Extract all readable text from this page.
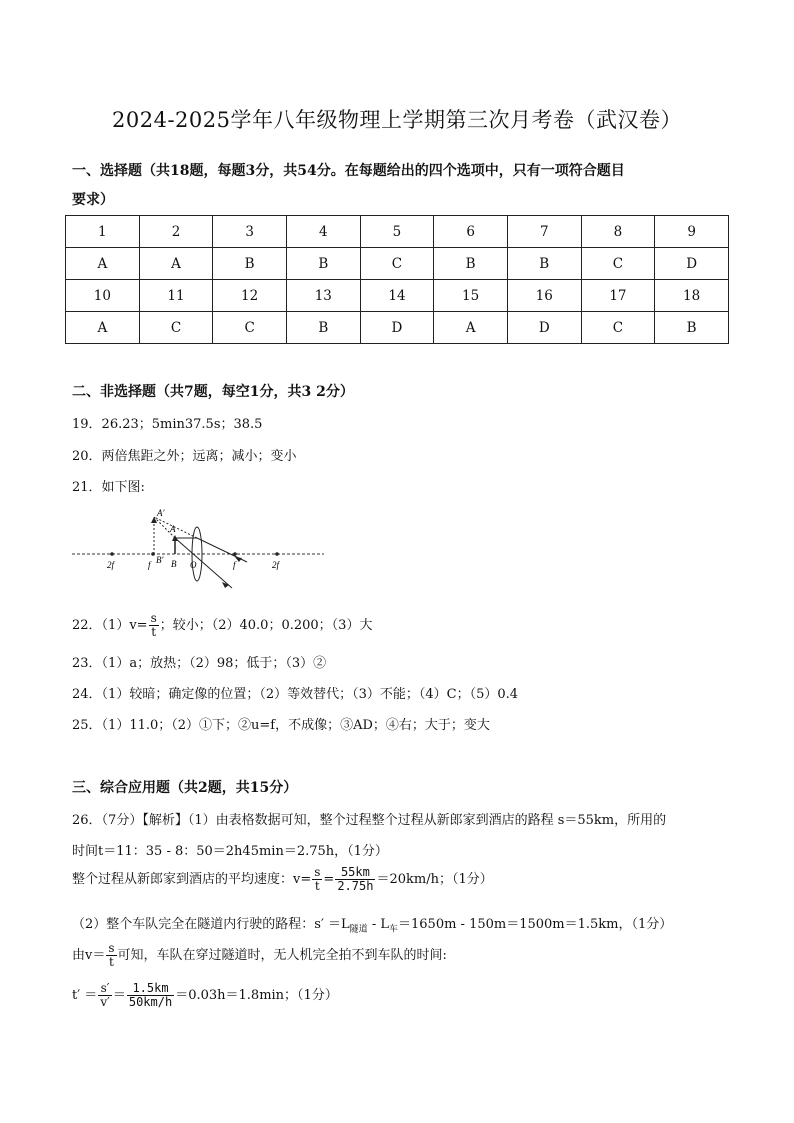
2024-2025学年八年级物理上学期第三次月考卷（武汉卷）
一、选择题（共18题，每题3分，共54分。在每题给出的四个选项中，只有一项符合题目
要求）
1	2	3	4	5	6	7	8	9
A	A	B	B	C	B	B	C	D
10	11	12	13	14	15	16	17	18
A	C	C	B	D	A	D	C	B
二、非选择题（共7题，每空1分，共3 2分）
19．26.23；5min37.5s；38.5
20．两倍焦距之外；远离；减小；变小
21．如下图:
A′
A
B′ B O
2f	f	f	2f
22．$(1)v= \frac{s}{t}$ ；较小；（2）40.0；0.200；（3）大
23．（1）a；放热；（2）98；低于；（3）②
24．（1）较暗；确定像的位置；（2）等效替代；（3）不能；（4）C；（5）0.4
25．（1）11.0；（2）①下；②u=f，不成像；③AD；④右；大于；变大
三、综合应用题（共2题，共15分）
26．（7分）【解析】（1）由表格数据可知，整个过程整个过程从新郎家到酒店的路程 s＝55km，所用的
时间t＝11：35 - 8：50＝2h45min＝2.75h，（1分）
整个过程从新郎家到酒店的平均速度：$v= \frac{s}{t} = \frac{55km}{2.75h} =20km/h$；（1分）
（2）整个车队完全在隧道内行驶的路程：$s' =L_{隧道} - L_车=1650m - 150m=1500m=1.5km$，（1分）
由$v= \frac{s}{t}$ 可知，车队在穿过隧道时，无人机完全拍不到车队的时间:
$t' = \frac{s'}{v'} = \frac{1.5km}{50km/h} =0.03h=1.8\min$；（1分）
